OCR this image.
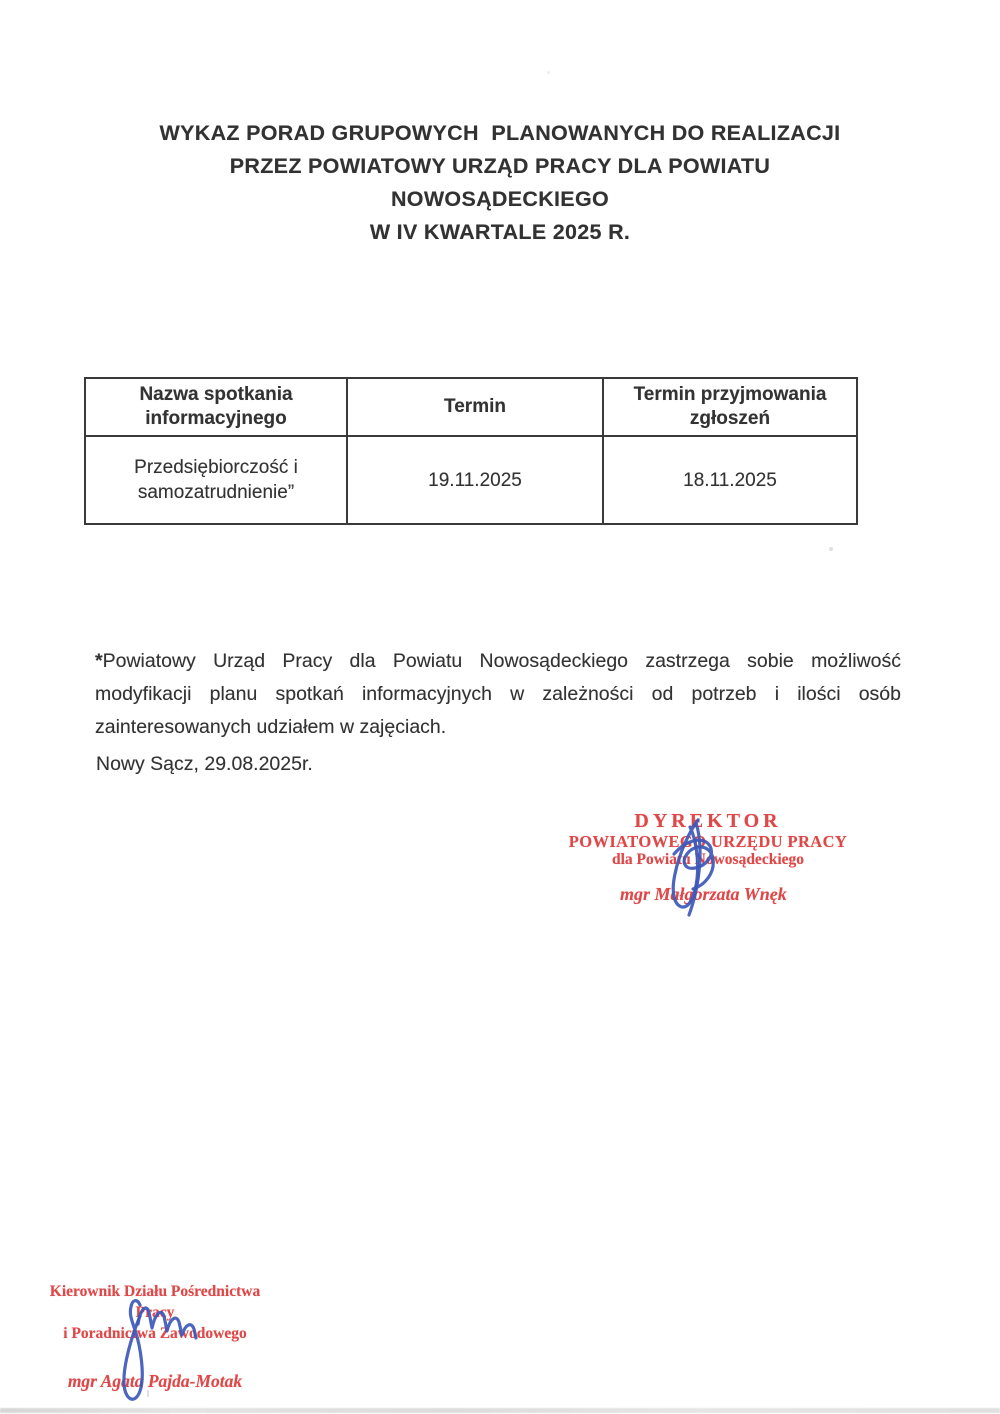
WYKAZ PORAD GRUPOWYCH  PLANOWANYCH DO REALIZACJI
PRZEZ POWIATOWY URZĄD PRACY DLA POWIATU
NOWOSĄDECKIEGO
W IV KWARTALE 2025 R.
Nazwa spotkania informacyjnego	Termin	Termin przyjmowania zgłoszeń
Przedsiębiorczość i samozatrudnienie”	19.11.2025	18.11.2025
*Powiatowy Urząd Pracy dla Powiatu Nowosądeckiego zastrzega sobie możliwość
modyfikacji planu spotkań informacyjnych w zależności od potrzeb i ilości osób
zainteresowanych udziałem w zajęciach.
Nowy Sącz, 29.08.2025r.
DYREKTOR
POWIATOWEGO URZĘDU PRACY
dla Powiatu Nowosądeckiego
mgr Małgorzata Wnęk
Kierownik Działu Pośrednictwa Pracy
i Poradnictwa Zawodowego
mgr Agata Pajda-Motak
